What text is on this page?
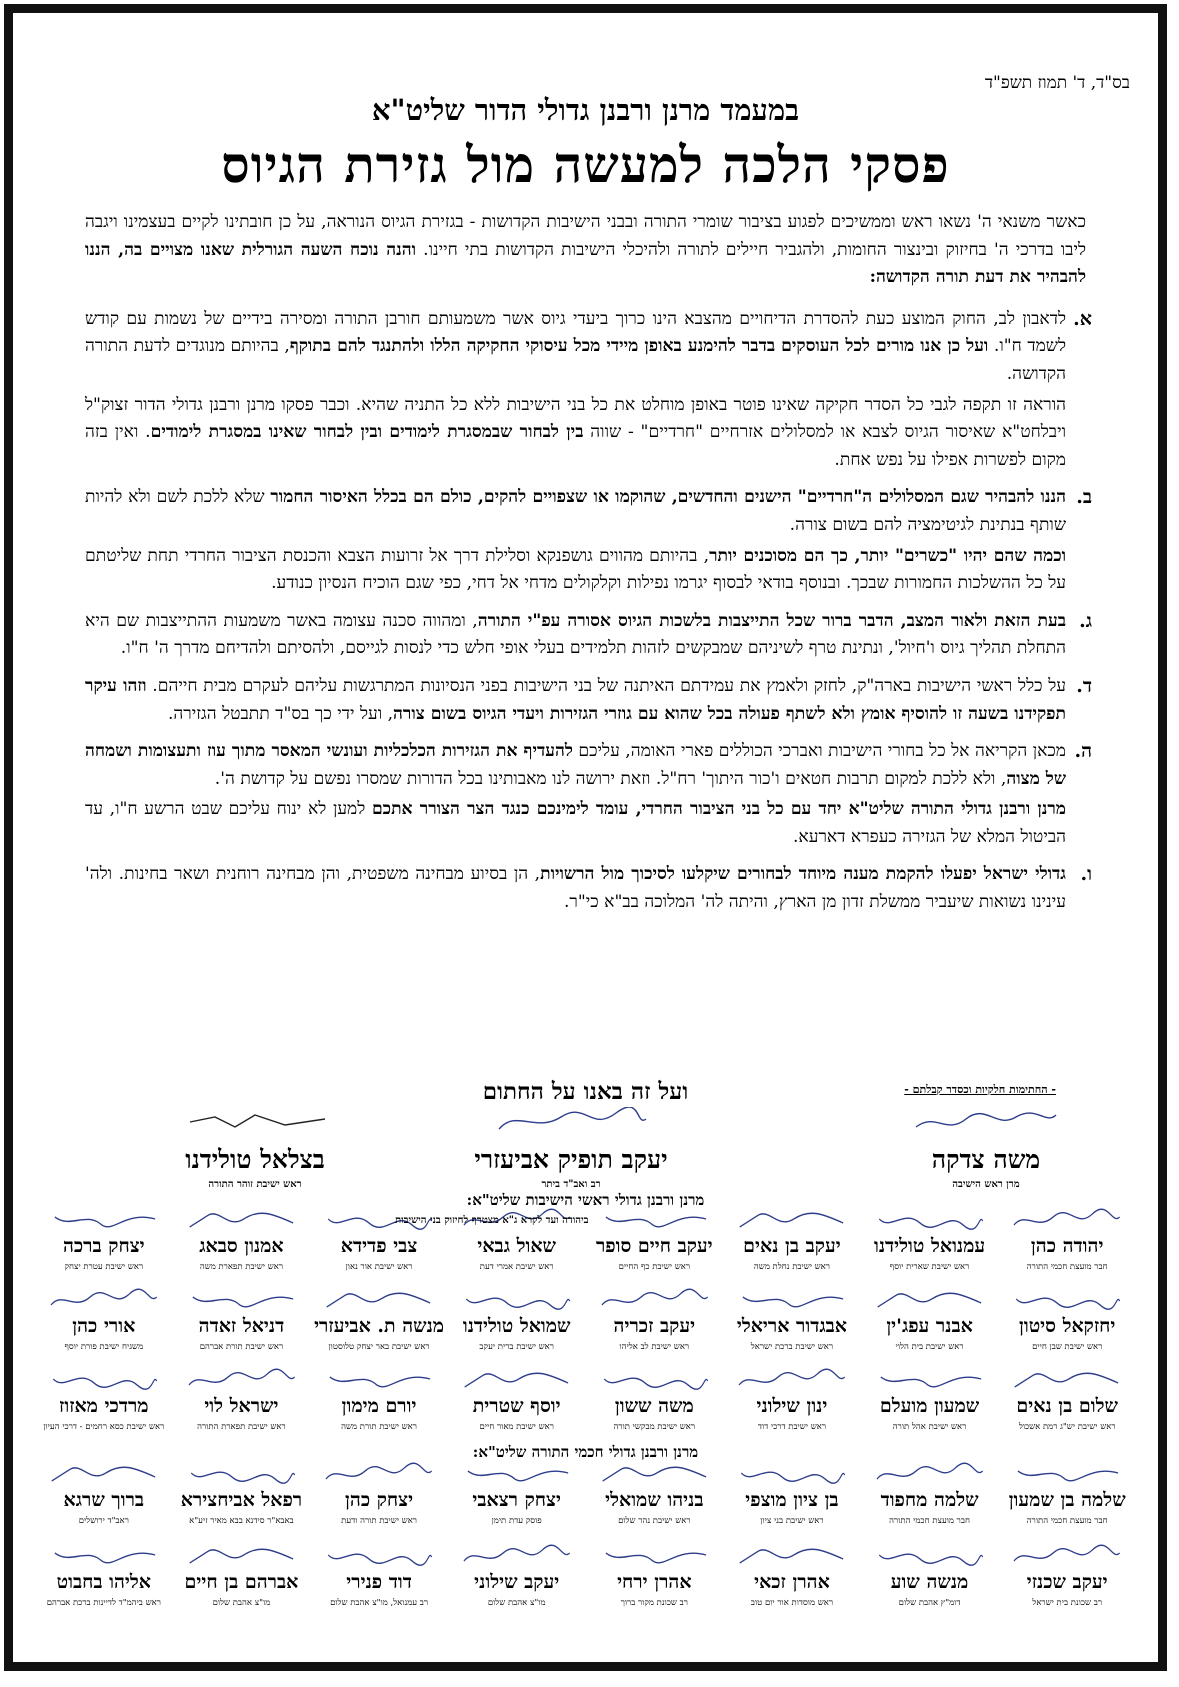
בס"ד, ד' תמוז תשפ"ד
במעמד מרנן ורבנן גדולי הדור שליט"א
פסקי הלכה למעשה מול גזירת הגיוס

כאשר משנאי ה' נשאו ראש וממשיכים לפגוע בציבור שומרי התורה ובבני הישיבות הקדושות - בגזירת הגיוס הנוראה, על כן חובתינו לקיים בעצמינו ויגבה ליבו בדרכי ה' בחיזוק ובינצור החומות, ולהגביר חיילים לתורה ולהיכלי הישיבות הקדושות בתי חיינו. והנה נוכח השעה הגורלית שאנו מצויים בה, הננו להבהיר את דעת תורה הקדושה:

א.

לדאבון לב, החוק המוצע כעת להסדרת הדיחויים מהצבא הינו כרוך ביעדי גיוס אשר משמעותם חורבן התורה ומסירה בידיים של נשמות עם קודש לשמד ח"ו. ועל כן אנו מורים לכל העוסקים בדבר להימנע באופן מיידי מכל עיסוקי החקיקה הללו ולהתנגד להם בתוקף, בהיותם מנוגדים לדעת התורה הקדושה.

הוראה זו תקפה לגבי כל הסדר חקיקה שאינו פוטר באופן מוחלט את כל בני הישיבות ללא כל התניה שהיא. וכבר פסקו מרנן ורבנן גדולי הדור זצוק"ל ויבלחט"א שאיסור הגיוס לצבא או למסלולים אזרחיים "חרדיים" - שווה בין לבחור שבמסגרת לימודים ובין לבחור שאינו במסגרת לימודים. ואין בזה מקום לפשרות אפילו על נפש אחת.

ב.

הננו להבהיר שגם המסלולים ה"חרדיים" הישנים והחדשים, שהוקמו או שצפויים להקים, כולם הם בכלל האיסור החמור שלא ללכת לשם ולא להיות שותף בנתינת לגיטימציה להם בשום צורה.

וכמה שהם יהיו "כשרים" יותר, כך הם מסוכנים יותר, בהיותם מהווים גושפנקא וסלילת דרך אל זרועות הצבא והכנסת הציבור החרדי תחת שליטתם על כל ההשלכות החמורות שבכך. ובנוסף בודאי לבסוף יגרמו נפילות וקלקולים מדחי אל דחי, כפי שגם הוכיח הנסיון כנודע.

ג.

בעת הזאת ולאור המצב, הדבר ברור שכל התייצבות בלשכות הגיוס אסורה עפ"י התורה, ומהווה סכנה עצומה באשר משמעות ההתייצבות שם היא התחלת תהליך גיוס ו'חיול', ונתינת טרף לשיניהם שמבקשים לזהות תלמידים בעלי אופי חלש כדי לנסות לגייסם, ולהסיתם ולהדיחם מדרך ה' ח"ו.

ד.

על כלל ראשי הישיבות בארה"ק, לחזק ולאמץ את עמידתם האיתנה של בני הישיבות בפני הנסיונות המתרגשות עליהם לעקרם מבית חייהם. וזהו עיקר תפקידנו בשעה זו להוסיף אומץ ולא לשתף פעולה בכל שהוא עם גוזרי הגזירות ויעדי הגיוס בשום צורה, ועל ידי כך בס"ד תתבטל הגזירה.

ה.

מכאן הקריאה אל כל בחורי הישיבות ואברכי הכוללים פארי האומה, עליכם להעדיף את הגזירות הכלכליות ועונשי המאסר מתוך עוז ותעצומות ושמחה של מצוה, ולא ללכת למקום תרבות חטאים ו'כור היתוך' רח"ל. וזאת ירושה לנו מאבותינו בכל הדורות שמסרו נפשם על קדושת ה'.

מרנן ורבנן גדולי התורה שליט"א יחד עם כל בני הציבור החרדי, עומד לימינכם כנגד הצר הצורר אתכם למען לא ינוח עליכם שבט הרשע ח"ו, עד הביטול המלא של הגזירה כעפרא דארעא.

ו.

גדולי ישראל יפעלו להקמת מענה מיוחד לבחורים שיקלעו לסיכוך מול הרשויות, הן בסיוע מבחינה משפטית, והן מבחינה רוחנית ושאר בחינות. ולה' עינינו נשואות שיעביר ממשלת זדון מן הארץ, והיתה לה' המלוכה בב"א כי"ר.

ועל זה באנו על החתום	- החתימות חלקיות וכסדר קבלתם -
משה צדקה
מרן ראש הישיבה
יעקב תופיק אביעזרי
רב ואב"ד ביתר
בצלאל טולידנו
ראש ישיבת זוהר התורה
מרנן ורבנן גדולי ראשי הישיבות שליט"א:
יהודה כהן
חבר מועצת חכמי התורה
עמנואל טולידנו
ראש ישיבת שארית יוסף
יעקב בן נאים
ראש ישיבת נחלת משה
יעקב חיים סופר
ראש ישיבת כף החיים
שאול גבאי
ראש ישיבת אמרי דעת
צבי פדידא
ראש ישיבת אור נאון
אמנון סבאג
ראש ישיבת תפארת משה
יצחק ברכה
ראש ישיבת עטרת יצחק
ביהודה ועד לקרא ג"א מצטרף לחיזוק בני הישיבות
יחזקאל סיטון
ראש ישיבת שבן חיים
אבנר עפג'ין
ראש ישיבת בית הלוי
אבגדור אריאלי
ראש ישיבת ברכת ישראל
יעקב זכריה
ראש ישיבת לב אליהו
שמואל טולידנו
ראש ישיבת ברית יעקב
מנשה ת. אביעזרי
ראש ישיבת באר יצחק טלוסטון
דניאל זאדה
ראש ישיבת תורת אברהם
אורי כהן
משגיח ישיבת פורת יוסף
שלום בן נאים
ראש ישיבת יש"ג רמת אשכול
שמעון מועלם
ראש ישיבת אהל תורה
ינון שילוני
ראש ישיבת דרכי דוד
משה ששון
ראש ישיבת מבקשי תורה
יוסף שטרית
ראש ישיבת מאור חיים
יורם מימון
ראש ישיבת תורת משה
ישראל לוי
ראש ישיבת תפארת התורה
מרדכי מאזוז
ראש ישיבת כסא רחמים - דרכי העיון
מרנן ורבנן גדולי חכמי התורה שליט"א:
שלמה בן שמעון
חבר מועצת חכמי התורה
שלמה מחפוד
חבר מועצת חכמי התורה
בן ציון מוצפי
ראש ישיבת בני ציון
בניהו שמואלי
ראש ישיבת נהר שלום
יצחק רצאבי
פוסק עדת תימן
יצחק כהן
ראש ישיבת תורה ודעת
רפאל אביחצירא
באבא"ר סידנא בבא מאיר זיע"א
ברוך שרגא
ראב"ד ירושלים
יעקב שכנזי
רב שכונת בית ישראל
מנשה שוע
דומ"ץ אהבת שלום
אהרן זכאי
ראש מוסדות אור יום טוב
אהרן ירחי
רב שכונת מקור ברוך
יעקב שילוני
מו"צ אהבת שלום
דוד פנירי
רב עמנואל, מו"צ אהבת שלום
אברהם בן חיים
מו"צ אהבת שלום
אליהו בחבוט
ראש ביהמ"ד לדיינות ברכת אברהם
